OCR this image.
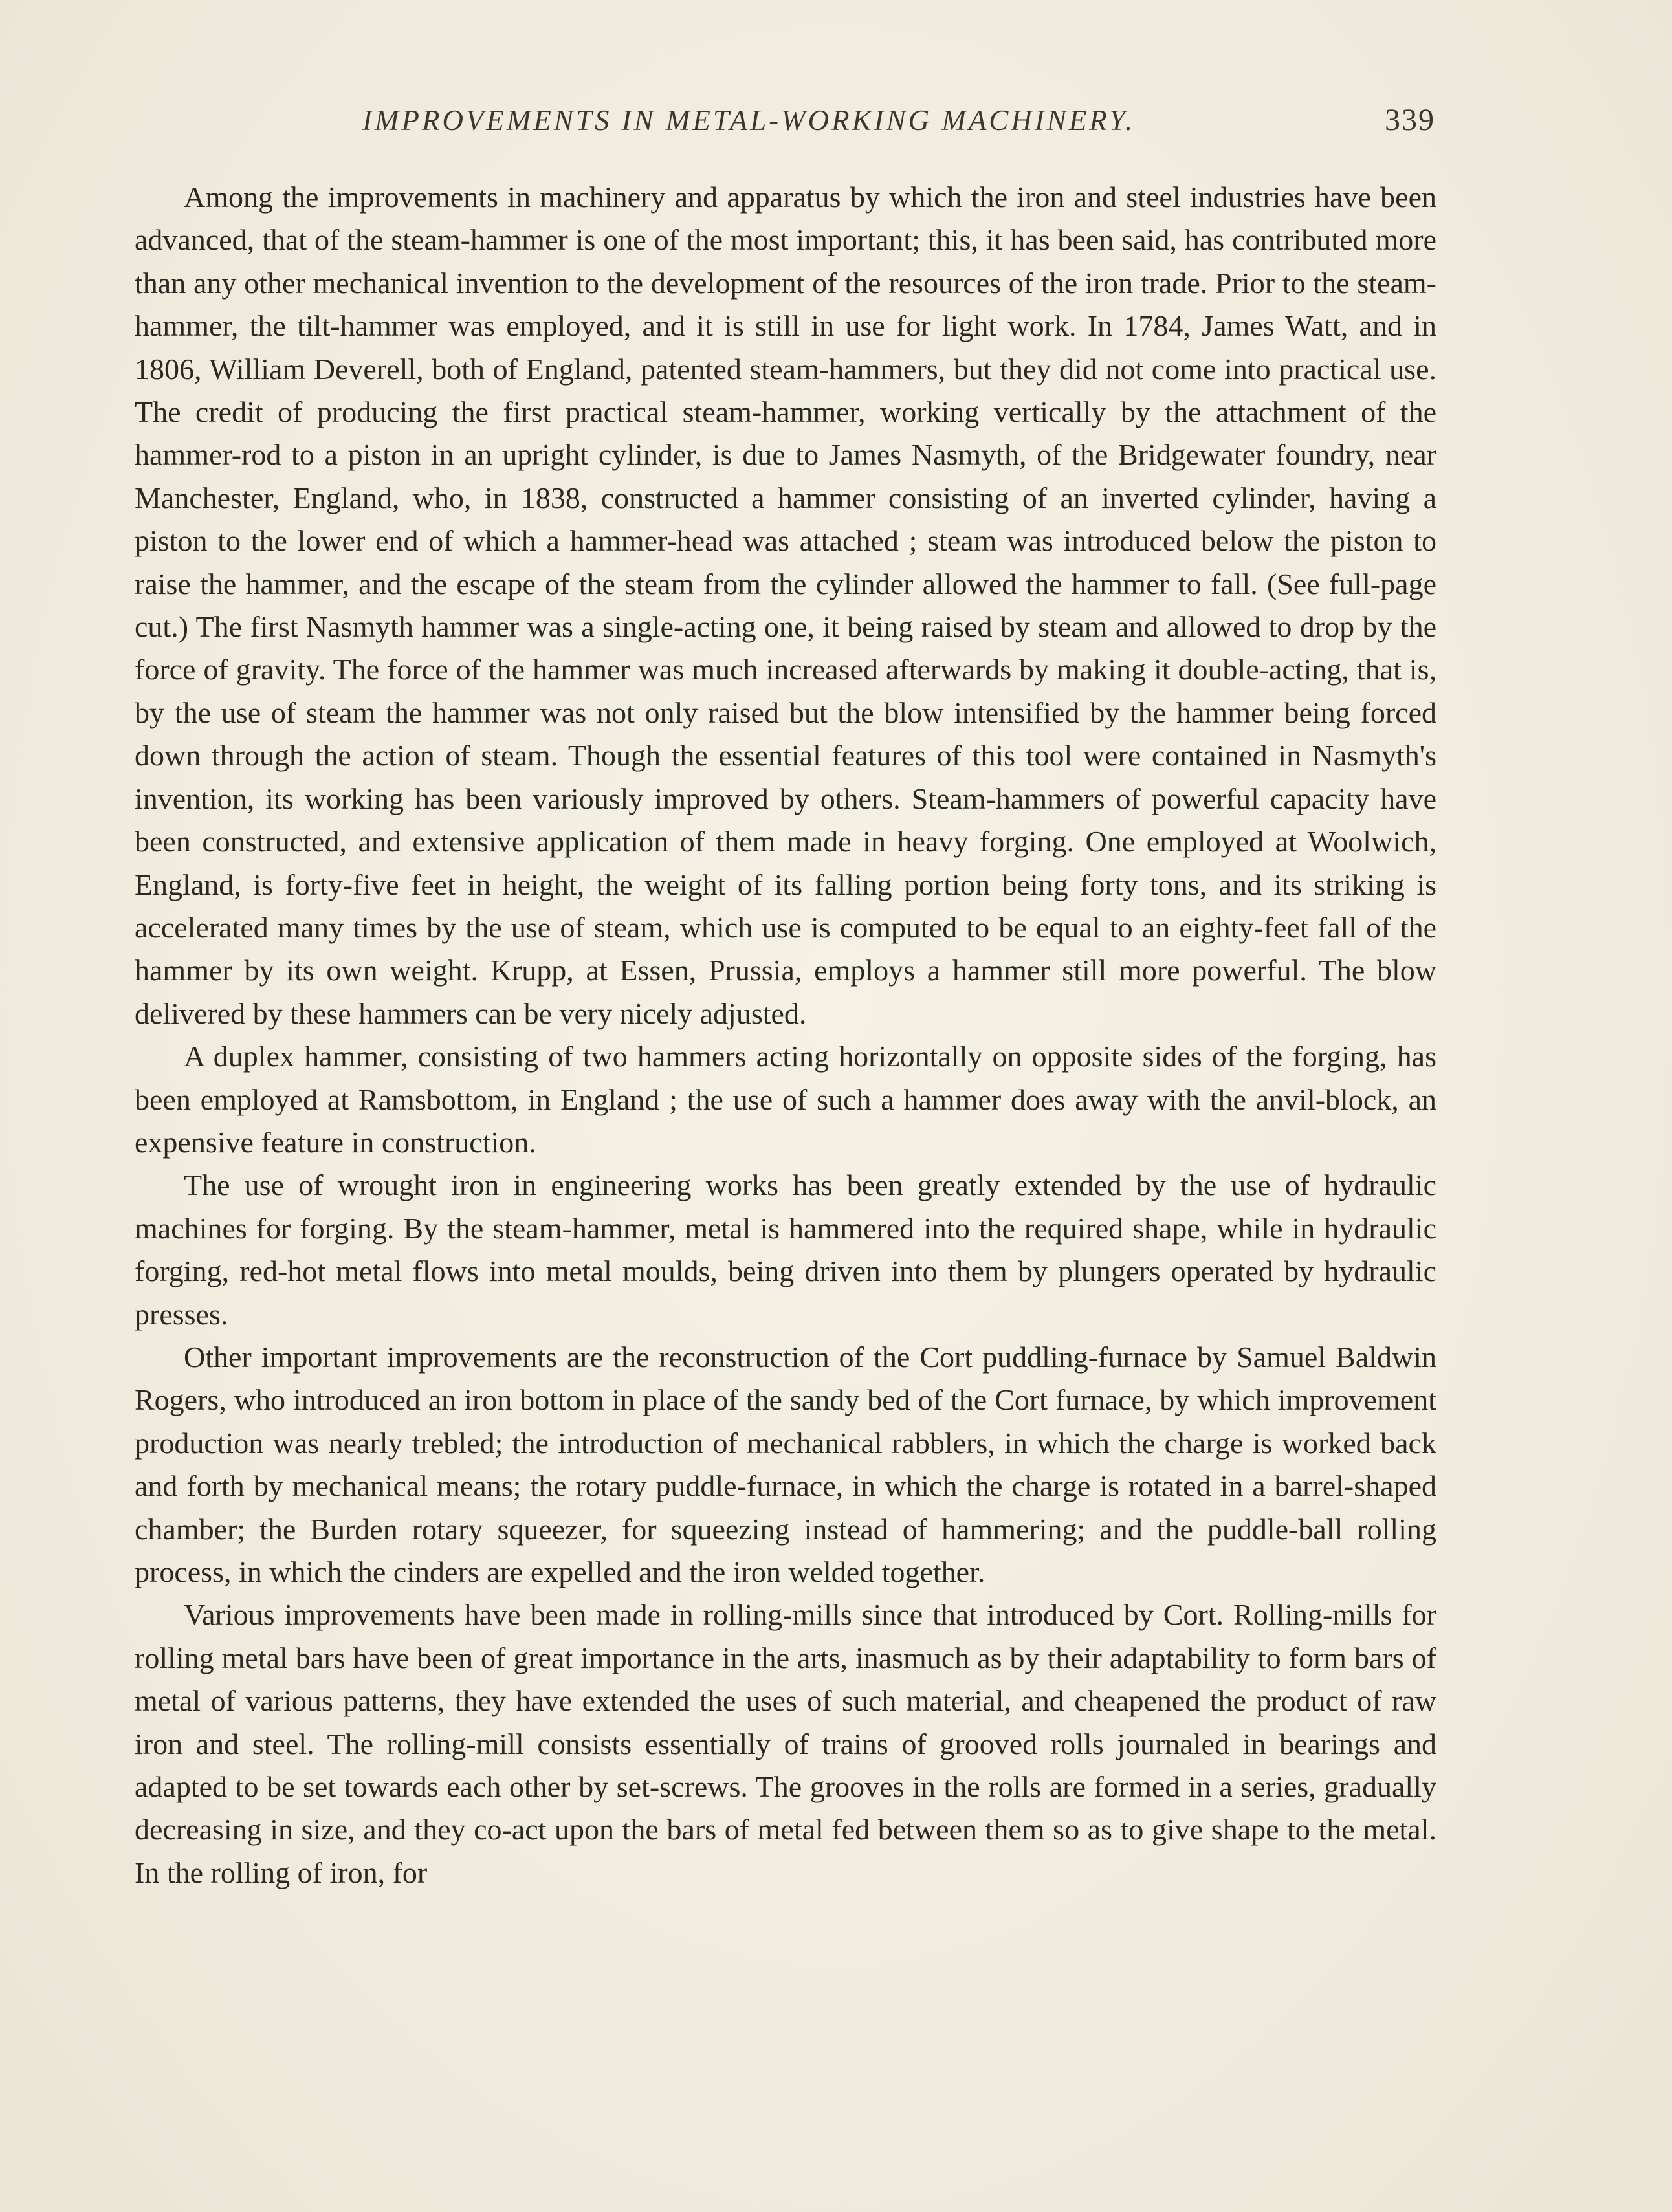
IMPROVEMENTS IN METAL-WORKING MACHINERY.	339

Among the improvements in machinery and apparatus by which the iron and steel industries have been advanced, that of the steam-hammer is one of the most important; this, it has been said, has contributed more than any other mechanical invention to the development of the resources of the iron trade. Prior to the steam-hammer, the tilt-hammer was employed, and it is still in use for light work. In 1784, James Watt, and in 1806, William Deverell, both of England, patented steam-hammers, but they did not come into practical use. The credit of producing the first practical steam-hammer, working vertically by the attachment of the hammer-rod to a piston in an upright cylinder, is due to James Nasmyth, of the Bridgewater foundry, near Manchester, England, who, in 1838, constructed a hammer consisting of an inverted cylinder, having a piston to the lower end of which a hammer-head was attached ; steam was introduced below the piston to raise the hammer, and the escape of the steam from the cylinder allowed the hammer to fall. (See full-page cut.) The first Nasmyth hammer was a single-acting one, it being raised by steam and allowed to drop by the force of gravity. The force of the hammer was much increased afterwards by making it double-acting, that is, by the use of steam the hammer was not only raised but the blow intensified by the hammer being forced down through the action of steam. Though the essential features of this tool were contained in Nasmyth's invention, its working has been variously improved by others. Steam-hammers of powerful capacity have been constructed, and extensive application of them made in heavy forging. One employed at Woolwich, England, is forty-five feet in height, the weight of its falling portion being forty tons, and its striking is accelerated many times by the use of steam, which use is computed to be equal to an eighty-feet fall of the hammer by its own weight. Krupp, at Essen, Prussia, employs a hammer still more powerful. The blow delivered by these hammers can be very nicely adjusted.

A duplex hammer, consisting of two hammers acting horizontally on opposite sides of the forging, has been employed at Ramsbottom, in England ; the use of such a hammer does away with the anvil-block, an expensive feature in construction.

The use of wrought iron in engineering works has been greatly extended by the use of hydraulic machines for forging. By the steam-hammer, metal is hammered into the required shape, while in hydraulic forging, red-hot metal flows into metal moulds, being driven into them by plungers operated by hydraulic presses.

Other important improvements are the reconstruction of the Cort puddling-furnace by Samuel Baldwin Rogers, who introduced an iron bottom in place of the sandy bed of the Cort furnace, by which improvement production was nearly trebled; the introduction of mechanical rabblers, in which the charge is worked back and forth by mechanical means; the rotary puddle-furnace, in which the charge is rotated in a barrel-shaped chamber; the Burden rotary squeezer, for squeezing instead of hammering; and the puddle-ball rolling process, in which the cinders are expelled and the iron welded together.

Various improvements have been made in rolling-mills since that introduced by Cort. Rolling-mills for rolling metal bars have been of great importance in the arts, inasmuch as by their adaptability to form bars of metal of various patterns, they have extended the uses of such material, and cheapened the product of raw iron and steel. The rolling-mill consists essentially of trains of grooved rolls journaled in bearings and adapted to be set towards each other by set-screws. The grooves in the rolls are formed in a series, gradually decreasing in size, and they co-act upon the bars of metal fed between them so as to give shape to the metal. In the rolling of iron, for
